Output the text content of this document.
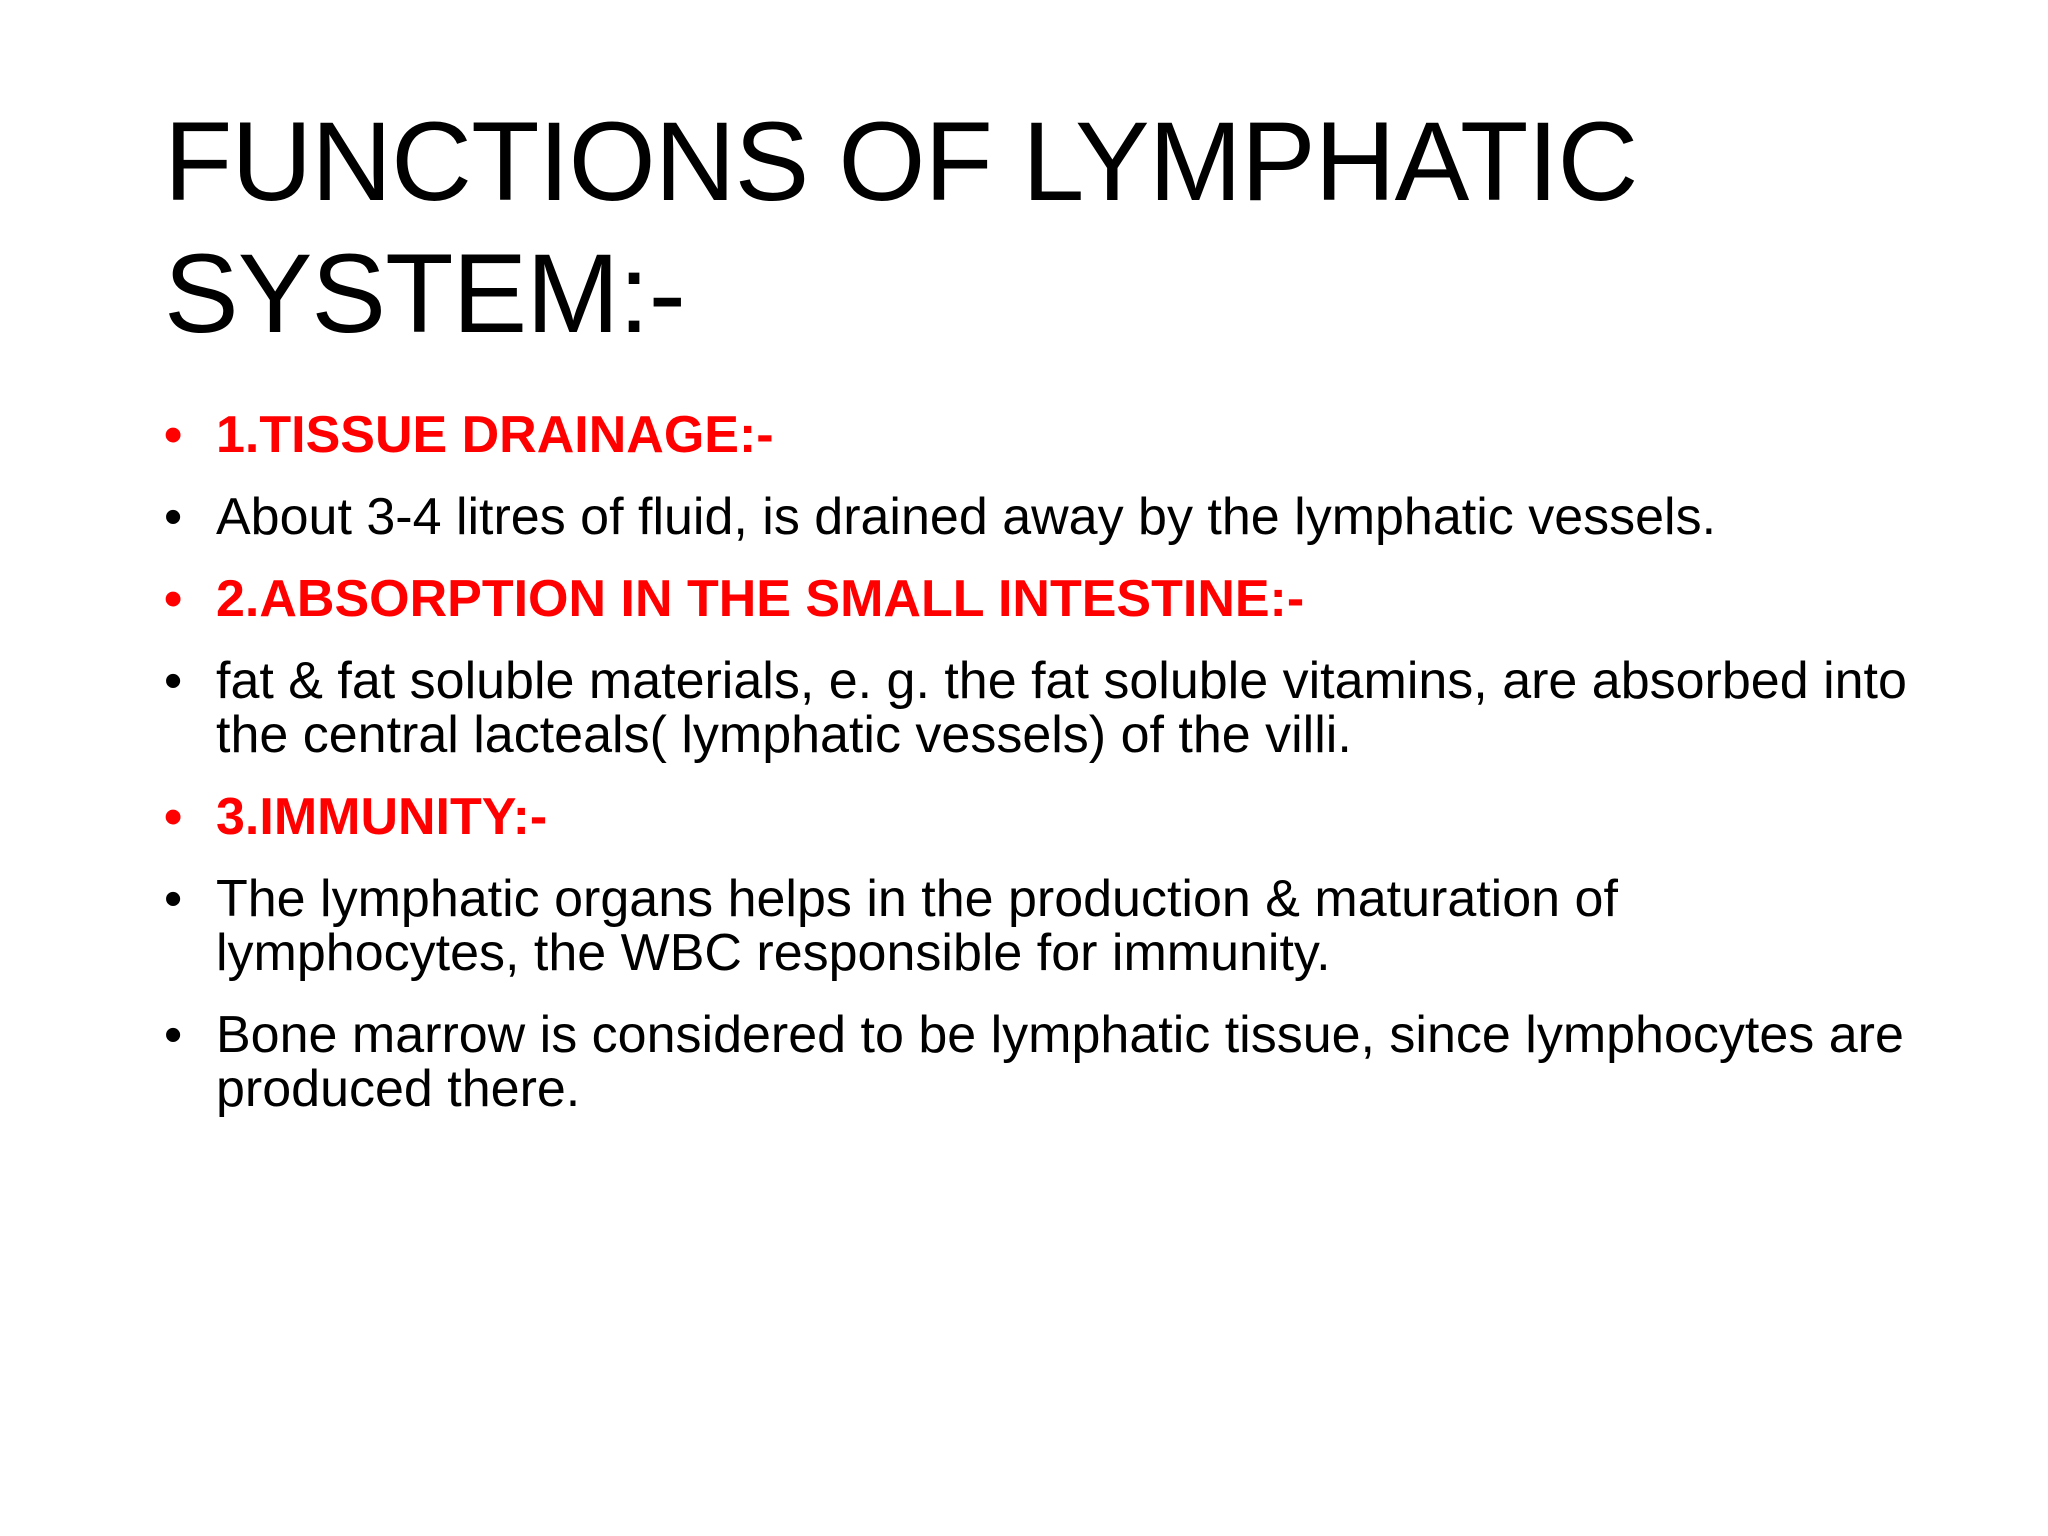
FUNCTIONS OF LYMPHATIC SYSTEM:-
• 1.TISSUE DRAINAGE:-
• About 3-4 litres of fluid, is drained away by the lymphatic vessels.
• 2.ABSORPTION IN THE SMALL INTESTINE:-
• fat & fat soluble materials, e. g. the fat soluble vitamins, are absorbed into the central lacteals( lymphatic vessels) of the villi.
• 3.IMMUNITY:-
• The lymphatic organs helps in the production & maturation of lymphocytes, the WBC responsible for immunity.
• Bone marrow is considered to be lymphatic tissue, since lymphocytes are produced there.
